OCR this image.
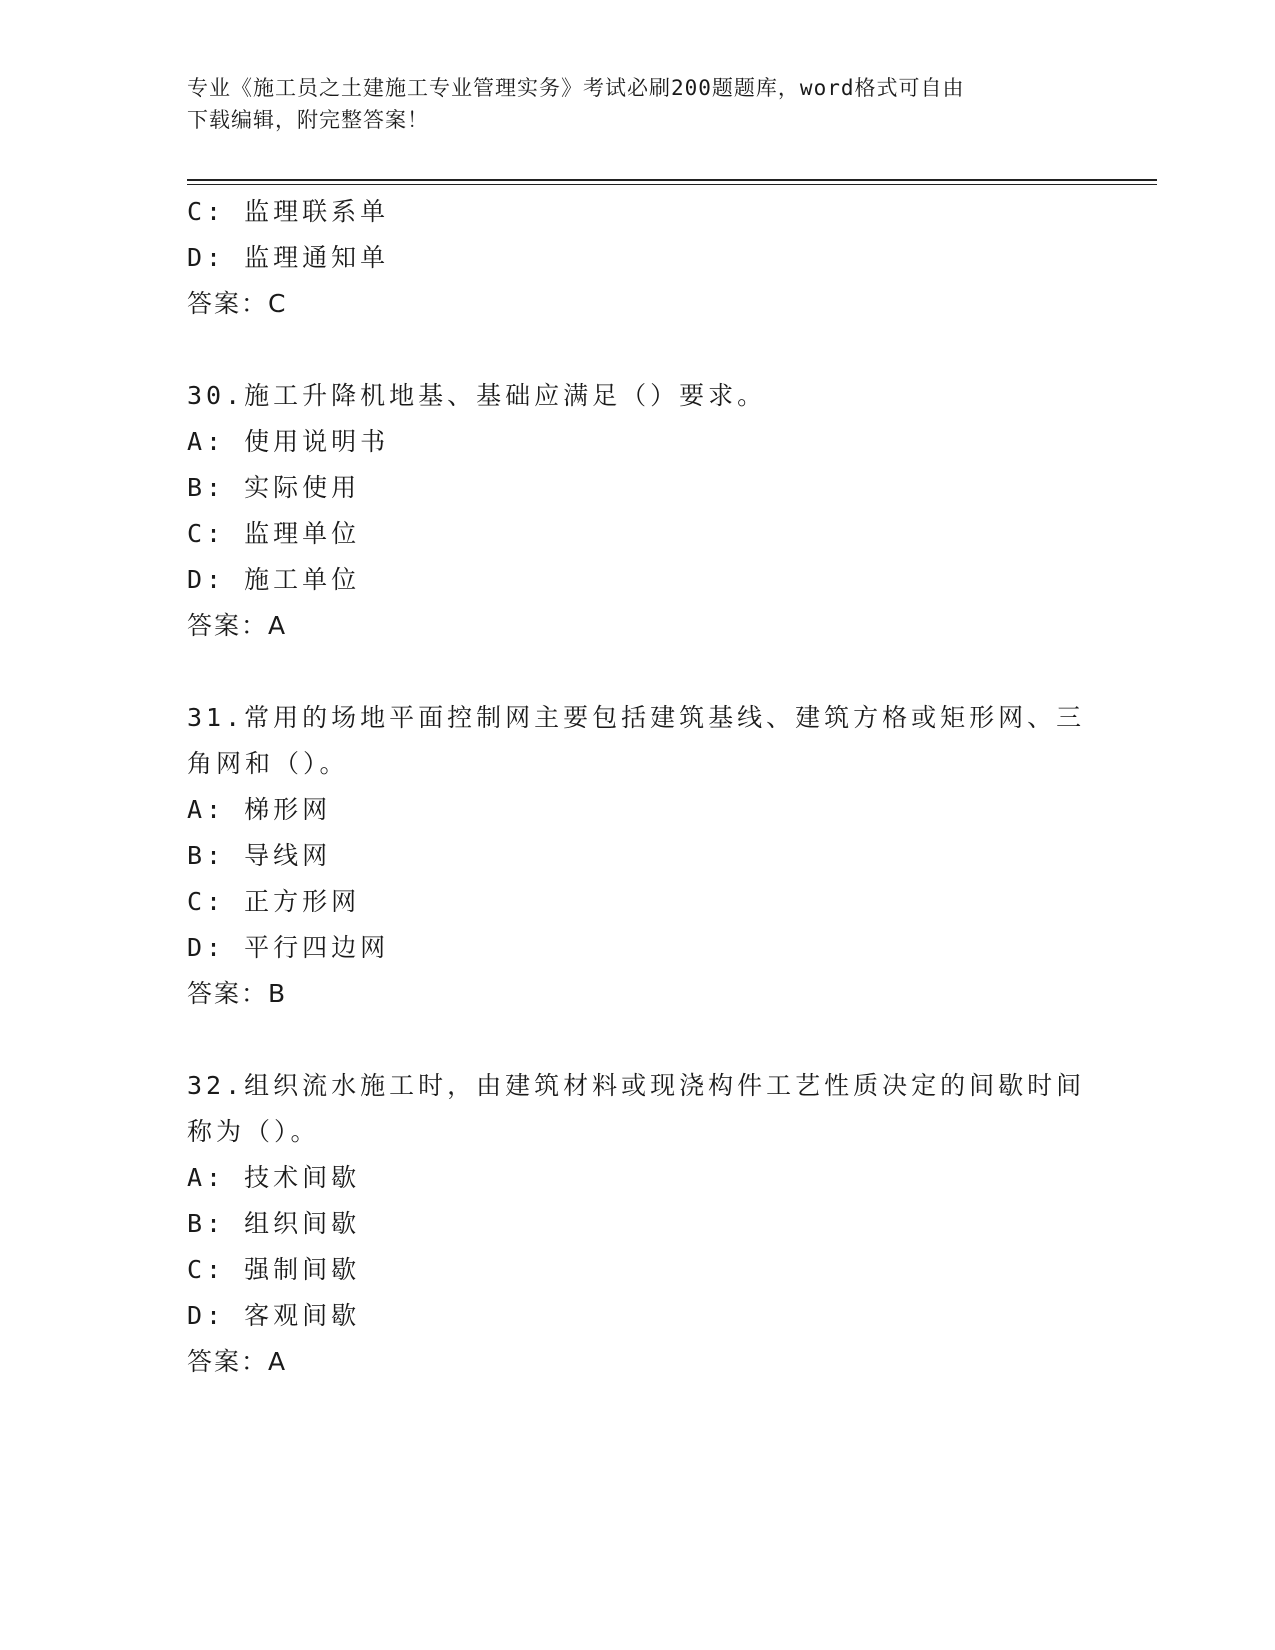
专业《施工员之土建施工专业管理实务》考试必刷200题题库，word格式可自由
下载编辑，附完整答案！
C: 监理联系单
D: 监理通知单
答案：C
30.施工升降机地基、基础应满足（）要求。
A: 使用说明书
B: 实际使用
C: 监理单位
D: 施工单位
答案：A
31.常用的场地平面控制网主要包括建筑基线、建筑方格或矩形网、三
角网和（）。
A: 梯形网
B: 导线网
C: 正方形网
D: 平行四边网
答案：B
32.组织流水施工时，由建筑材料或现浇构件工艺性质决定的间歇时间
称为（）。
A: 技术间歇
B: 组织间歇
C: 强制间歇
D: 客观间歇
答案：A
